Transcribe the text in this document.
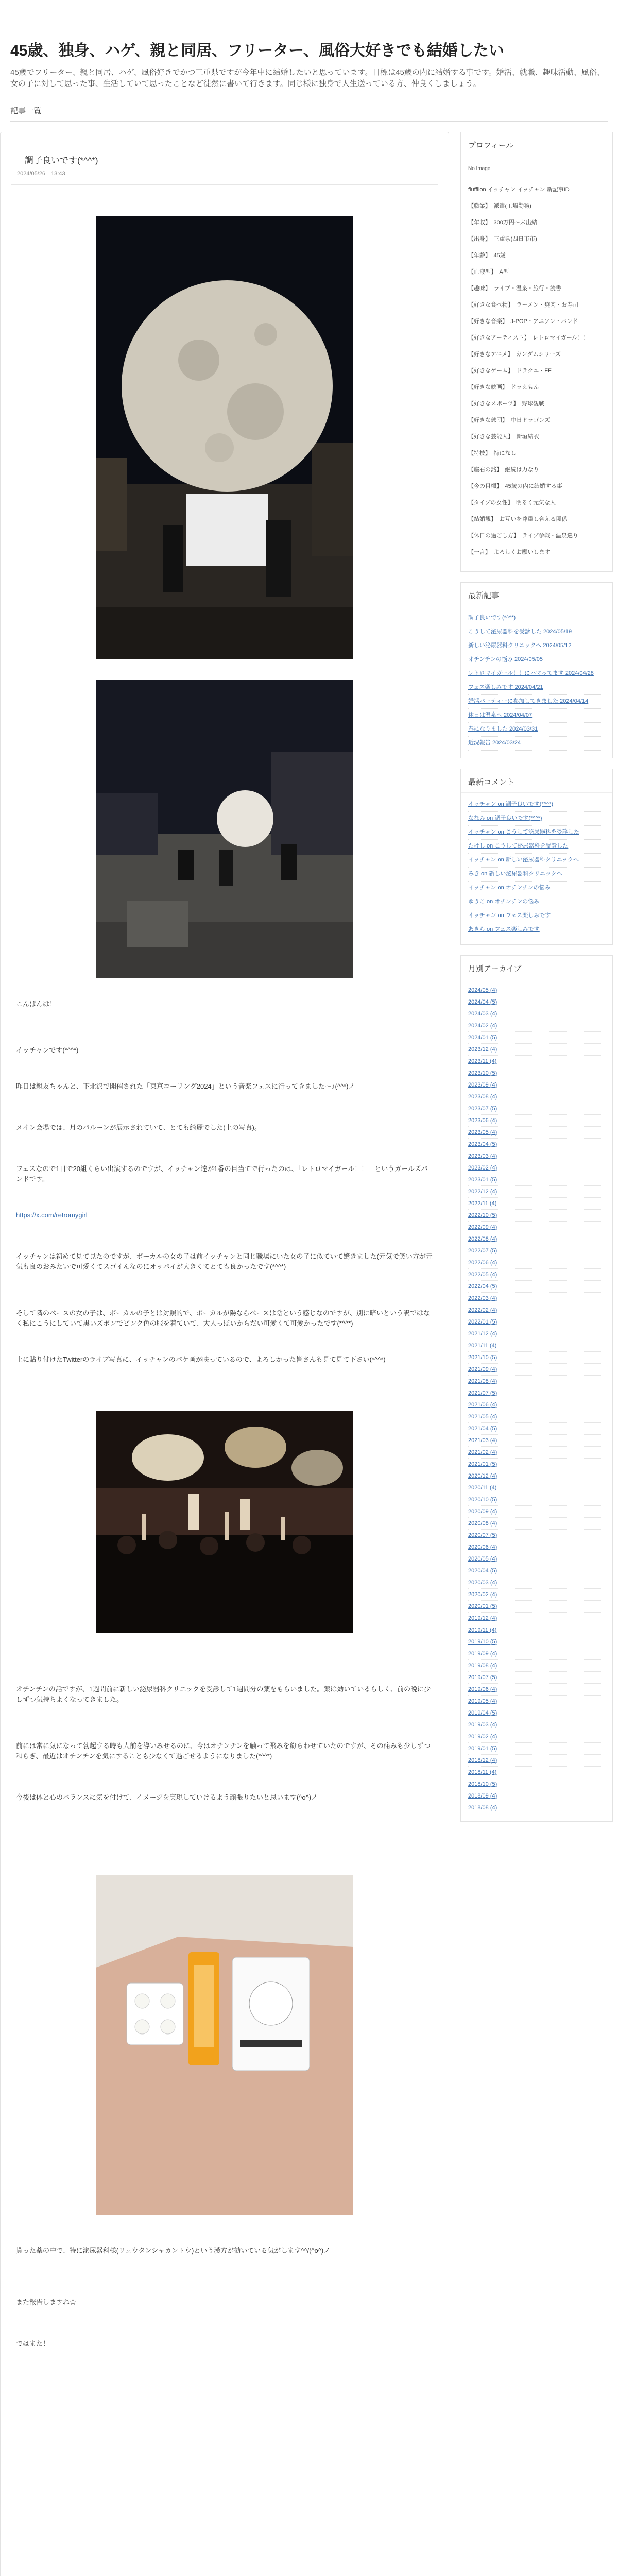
45歳、独身、ハゲ、親と同居、フリーター、風俗大好きでも結婚したい
45歳でフリーター、親と同居、ハゲ、風俗好きでかつ三重県ですが今年中に結婚したいと思っています。目標は45歳の内に結婚する事です。婚活、就職、趣味活動、風俗、女の子に対して思った事、生活していて思ったことなど徒然に書いて行きます。同じ様に独身で人生送っている方、仲良くしましょう。
記事一覧
「調子良いです(*^^*)
2024/05/26　13:43

こんばんは！

イッチャンです(*^^*)

昨日は親友ちゃんと、下北沢で開催された「東京コーリング2024」という音楽フェスに行ってきました～♪(^^*)ノ

メイン会場では、月のバルーンが展示されていて、とても綺麗でした(上の写真)。

フェスなので1日で20組くらい出演するのですが、イッチャン達が1番の目当てで行ったのは、「レトロマイガール！！」というガールズバンドです。

https://x.com/retromygirl

イッチャンは初めて見て見たのですが、ボーカルの女の子は前イッチャンと同じ職場にいた女の子に似ていて驚きました(元気で笑い方が元気も良のおみたいで可愛くてスゴイんなのにオッパイが大きくてとても良かったです(*^^*)

そして隣のベースの女の子は、ボーカルの子とは対照的で、ボーカルが陽ならベースは陰という感じなのですが、別に暗いという訳ではなく私にこうにしていて黒いズボンでピンク色の服を着ていて、大人っぽいからだい可愛くて可愛かったです(*^^*)

上に貼り付けたTwitterのライブ写真に、イッチャンのパケ画が映っているので、よろしかった皆さんも見て見て下さい(*^^*)

オチンチンの話ですが、1週間前に新しい泌尿器科クリニックを受診して1週間分の薬をもらいました。薬は効いているらしく、前の晩に少しずつ気持ちよくなってきました。

前には常に気になって勃起する時も人前を導いみせるのに、今はオチンチンを触って飛みを紛らわせていたのですが、その痛みも少しずつ和らぎ、最近はオチンチンを気にすることも少なくて過ごせるようになりました(*^^*)

今後は体と心のバランスに気を付けて、イメージを実現していけるよう頑張りたいと思います(^o^)ノ

貰った薬の中で、特に泌尿器科様(リュウタンシャカントウ)という漢方が効いている気がします^^/(^o^)ノ

また報告しますね☆

ではまた！

プロフィール
No Image
fluffiion イッチャン イッチャン 新記事ID
【職業】　派遣(工場勤務)
【年収】　300万円〜未出結
【出身】　三重県(四日市市)
【年齢】　45歳
【血液型】　A型
【趣味】　ライブ・温泉・旅行・読書
【好きな食べ物】　ラーメン・焼肉・お寿司
【好きな音楽】　J-POP・アニソン・バンド
【好きなアーティスト】　レトロマイガール！！
【好きなアニメ】　ガンダムシリーズ
【好きなゲーム】　ドラクエ・FF
【好きな映画】　ドラえもん
【好きなスポーツ】　野球観戦
【好きな球団】　中日ドラゴンズ
【好きな芸能人】　新垣結衣
【特技】　特になし
【座右の銘】　継続は力なり
【今の目標】　45歳の内に結婚する事
【タイプの女性】　明るく元気な人
【結婚観】　お互いを尊重し合える関係
【休日の過ごし方】　ライブ参戦・温泉巡り
【一言】　よろしくお願いします
最新記事
調子良いです(*^^*)
こうして泌尿器科を受診した 2024/05/19
新しい泌尿器科クリニックへ 2024/05/12
オチンチンの悩み 2024/05/05
レトロマイガール！！にハマってます 2024/04/28
フェス楽しみです 2024/04/21
婚活パーティーに参加してきました 2024/04/14
休日は温泉へ 2024/04/07
春になりました 2024/03/31
近況報告 2024/03/24
最新コメント
イッチャン on 調子良いです(*^^*)
ななみ on 調子良いです(*^^*)
イッチャン on こうして泌尿器科を受診した
たけし on こうして泌尿器科を受診した
イッチャン on 新しい泌尿器科クリニックへ
みき on 新しい泌尿器科クリニックへ
イッチャン on オチンチンの悩み
ゆうこ on オチンチンの悩み
イッチャン on フェス楽しみです
あきら on フェス楽しみです
月別アーカイブ
2024/05 (4)
2024/04 (5)
2024/03 (4)
2024/02 (4)
2024/01 (5)
2023/12 (4)
2023/11 (4)
2023/10 (5)
2023/09 (4)
2023/08 (4)
2023/07 (5)
2023/06 (4)
2023/05 (4)
2023/04 (5)
2023/03 (4)
2023/02 (4)
2023/01 (5)
2022/12 (4)
2022/11 (4)
2022/10 (5)
2022/09 (4)
2022/08 (4)
2022/07 (5)
2022/06 (4)
2022/05 (4)
2022/04 (5)
2022/03 (4)
2022/02 (4)
2022/01 (5)
2021/12 (4)
2021/11 (4)
2021/10 (5)
2021/09 (4)
2021/08 (4)
2021/07 (5)
2021/06 (4)
2021/05 (4)
2021/04 (5)
2021/03 (4)
2021/02 (4)
2021/01 (5)
2020/12 (4)
2020/11 (4)
2020/10 (5)
2020/09 (4)
2020/08 (4)
2020/07 (5)
2020/06 (4)
2020/05 (4)
2020/04 (5)
2020/03 (4)
2020/02 (4)
2020/01 (5)
2019/12 (4)
2019/11 (4)
2019/10 (5)
2019/09 (4)
2019/08 (4)
2019/07 (5)
2019/06 (4)
2019/05 (4)
2019/04 (5)
2019/03 (4)
2019/02 (4)
2019/01 (5)
2018/12 (4)
2018/11 (4)
2018/10 (5)
2018/09 (4)
2018/08 (4)
